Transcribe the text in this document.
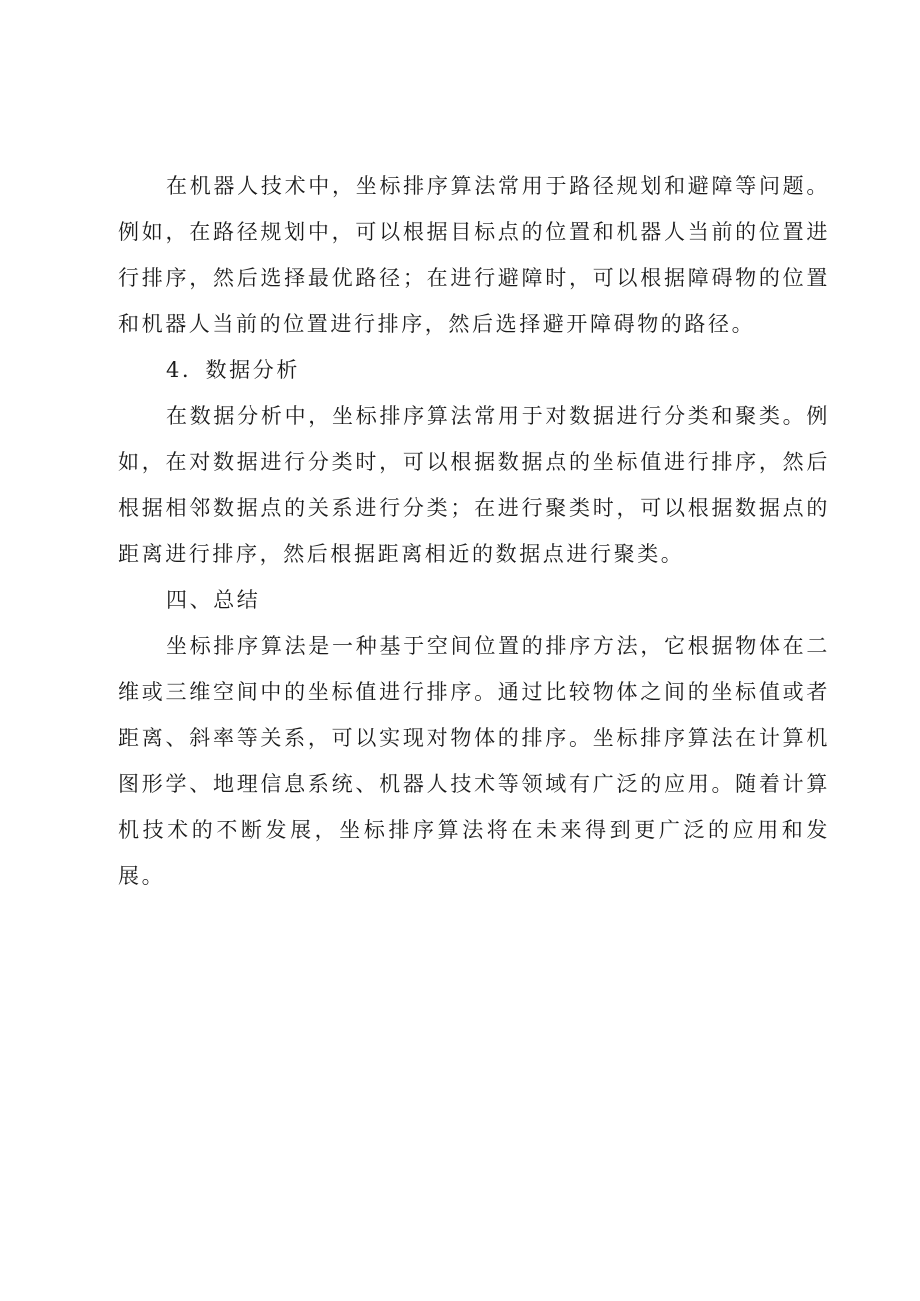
在机器人技术中，坐标排序算法常用于路径规划和避障等问题。例如，在路径规划中，可以根据目标点的位置和机器人当前的位置进行排序，然后选择最优路径；在进行避障时，可以根据障碍物的位置和机器人当前的位置进行排序，然后选择避开障碍物的路径。

4．数据分析

在数据分析中，坐标排序算法常用于对数据进行分类和聚类。例如，在对数据进行分类时，可以根据数据点的坐标值进行排序，然后根据相邻数据点的关系进行分类；在进行聚类时，可以根据数据点的距离进行排序，然后根据距离相近的数据点进行聚类。

四、总结

坐标排序算法是一种基于空间位置的排序方法，它根据物体在二维或三维空间中的坐标值进行排序。通过比较物体之间的坐标值或者距离、斜率等关系，可以实现对物体的排序。坐标排序算法在计算机图形学、地理信息系统、机器人技术等领域有广泛的应用。随着计算机技术的不断发展，坐标排序算法将在未来得到更广泛的应用和发展。
